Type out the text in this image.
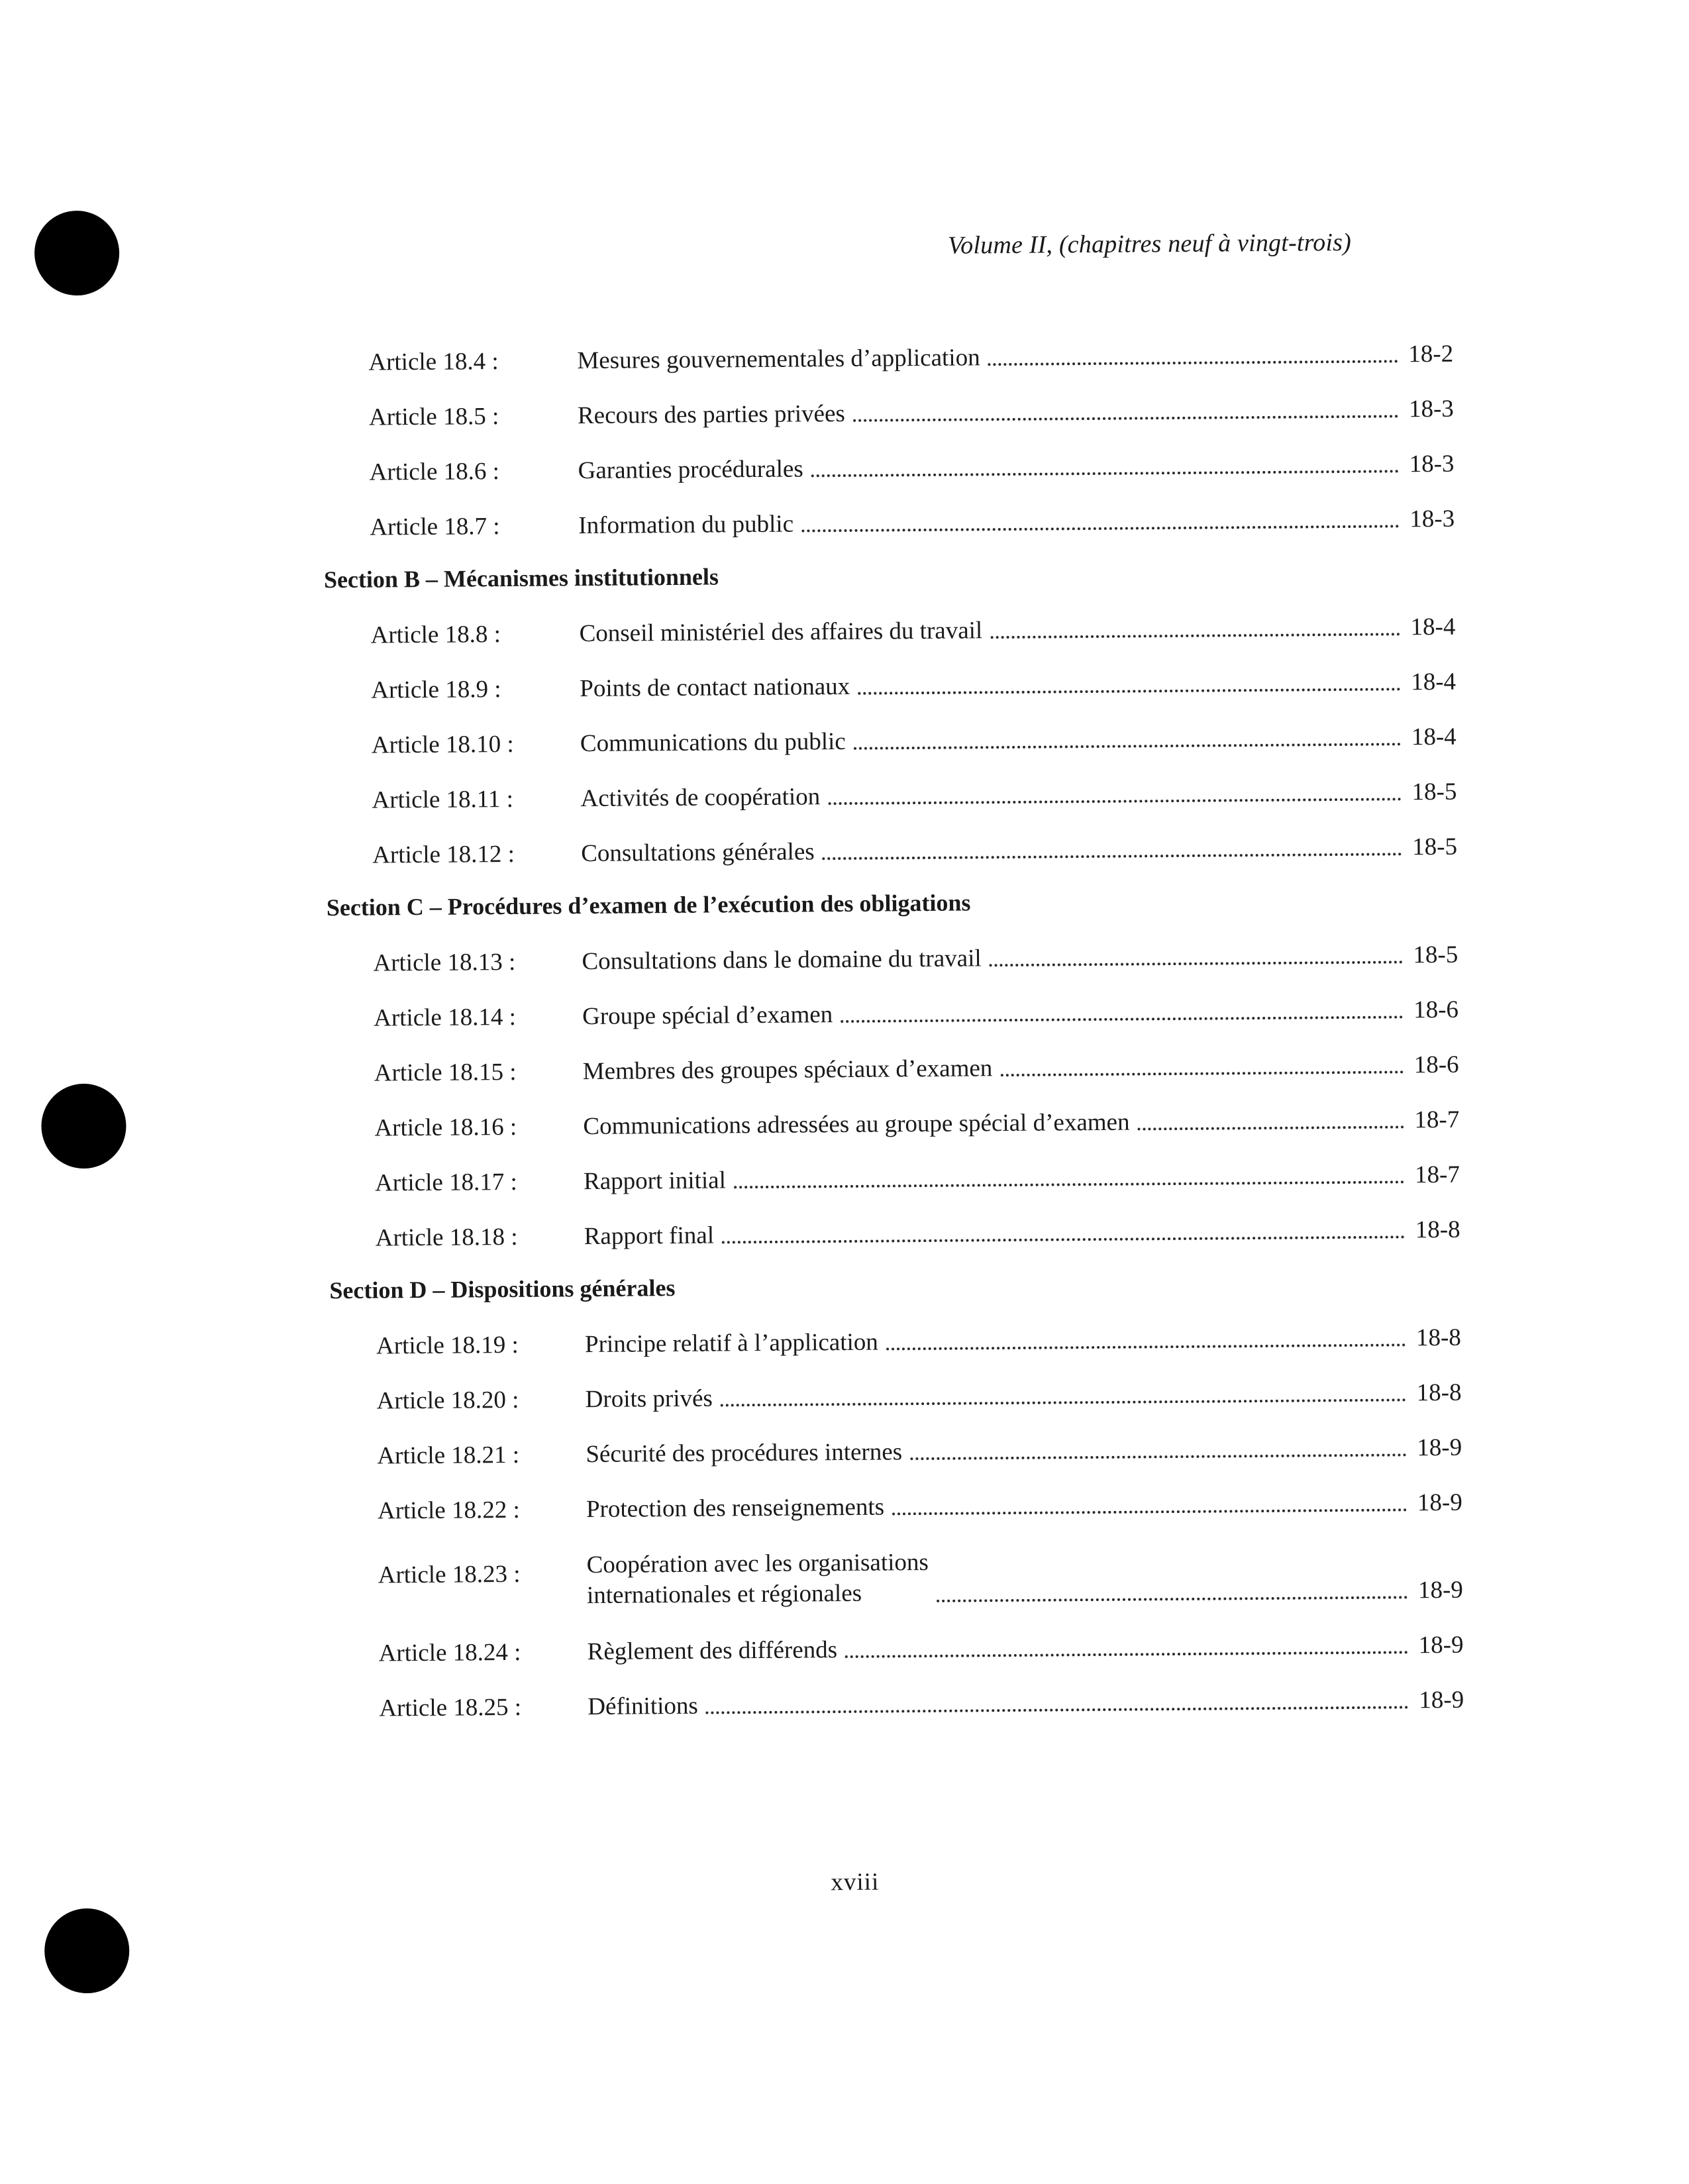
Volume II, (chapitres neuf à vingt-trois)
Article 18.4 :	Mesures gouvernementales d’application	18-2
Article 18.5 :	Recours des parties privées	18-3
Article 18.6 :	Garanties procédurales	18-3
Article 18.7 :	Information du public	18-3
Section B – Mécanismes institutionnels
Article 18.8 :	Conseil ministériel des affaires du travail	18-4
Article 18.9 :	Points de contact nationaux	18-4
Article 18.10 :	Communications du public	18-4
Article 18.11 :	Activités de coopération	18-5
Article 18.12 :	Consultations générales	18-5
Section C – Procédures d’examen de l’exécution des obligations
Article 18.13 :	Consultations dans le domaine du travail	18-5
Article 18.14 :	Groupe spécial d’examen	18-6
Article 18.15 :	Membres des groupes spéciaux d’examen	18-6
Article 18.16 :	Communications adressées au groupe spécial d’examen	18-7
Article 18.17 :	Rapport initial	18-7
Article 18.18 :	Rapport final	18-8
Section D – Dispositions générales
Article 18.19 :	Principe relatif à l’application	18-8
Article 18.20 :	Droits privés	18-8
Article 18.21 :	Sécurité des procédures internes	18-9
Article 18.22 :	Protection des renseignements	18-9
Article 18.23 :	Coopération avec les organisations
internationales et régionales	18-9
Article 18.24 :	Règlement des différends	18-9
Article 18.25 :	Définitions	18-9
xviii
